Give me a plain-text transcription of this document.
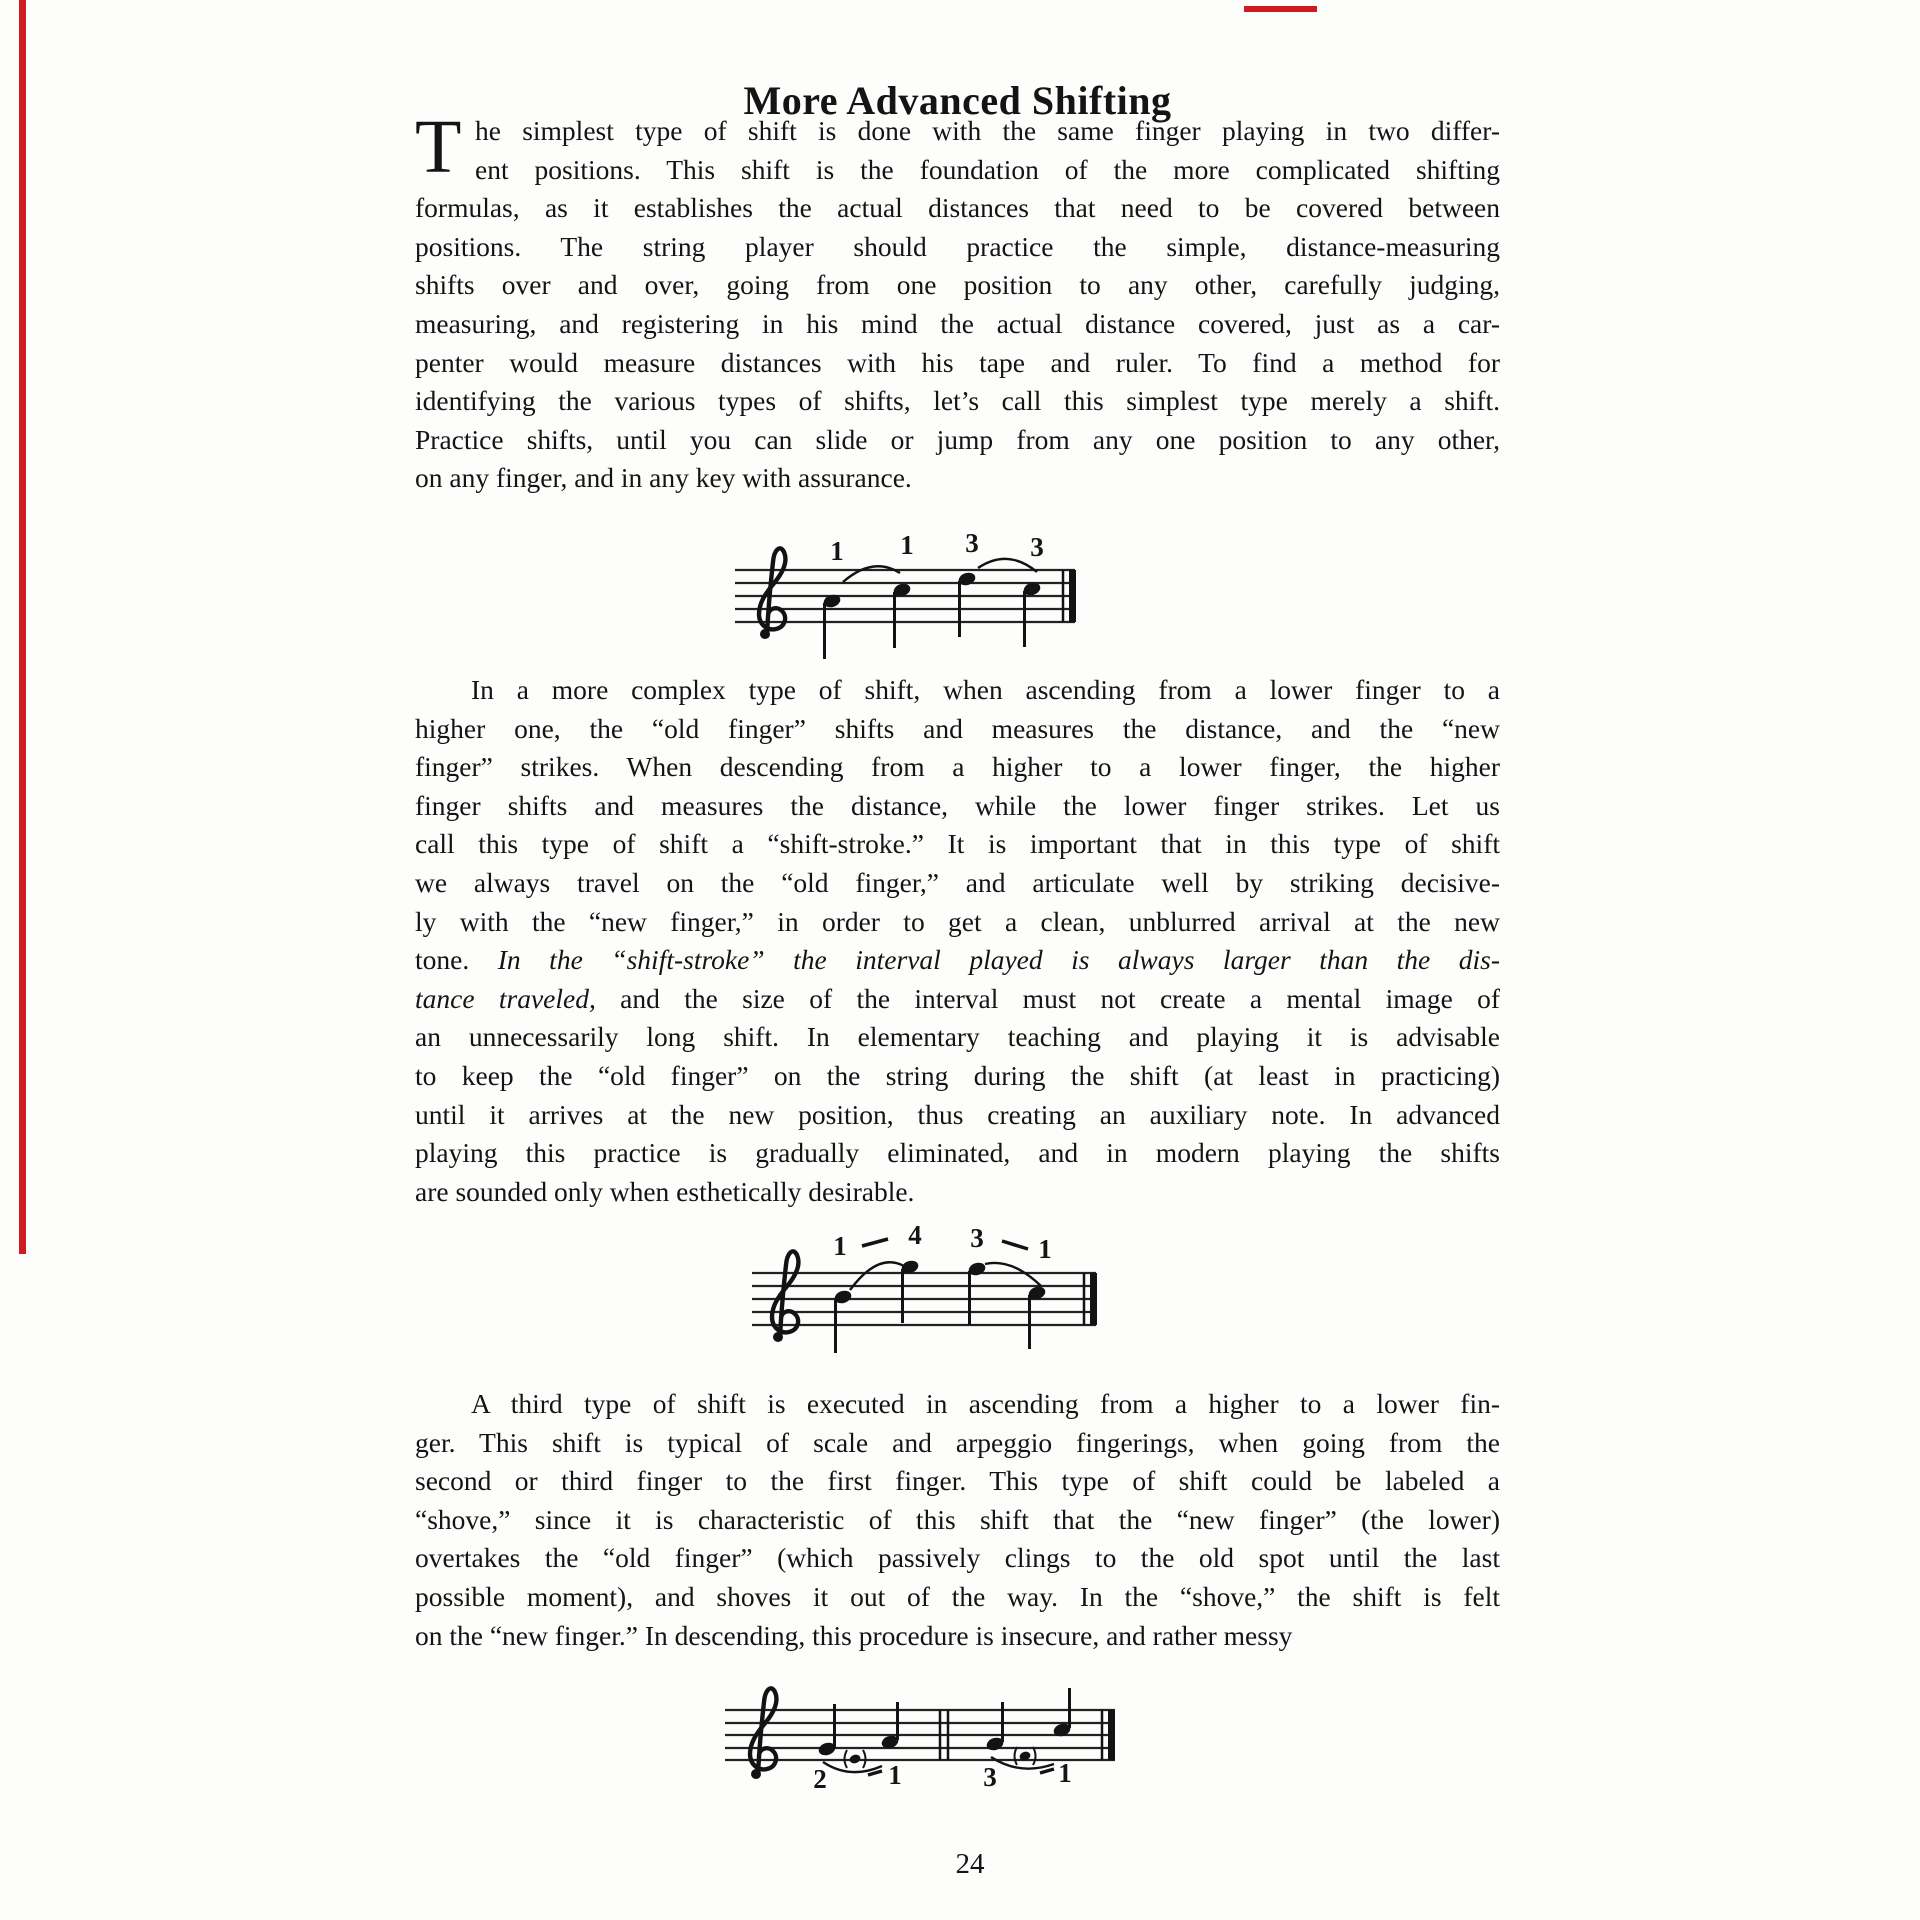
More Advanced Shifting
T he simplest type of shift is done with the same finger playing in two differ-
ent positions. This shift is the foundation of the more complicated shifting
formulas, as it establishes the actual distances that need to be covered between
positions. The string player should practice the simple, distance-measuring
shifts over and over, going from one position to any other, carefully judging,
measuring, and registering in his mind the actual distance covered, just as a car-
penter would measure distances with his tape and ruler. To find a method for
identifying the various types of shifts, let’s call this simplest type merely a shift.
Practice shifts, until you can slide or jump from any one position to any other,
on any finger, and in any key with assurance.
1 1 3 3
In a more complex type of shift, when ascending from a lower finger to a
higher one, the “old finger” shifts and measures the distance, and the “new
finger” strikes. When descending from a higher to a lower finger, the higher
finger shifts and measures the distance, while the lower finger strikes. Let us
call this type of shift a “shift-stroke.” It is important that in this type of shift
we always travel on the “old finger,” and articulate well by striking decisive-
ly with the “new finger,” in order to get a clean, unblurred arrival at the new
tone. In the “shift-stroke” the interval played is always larger than the dis-
tance traveled, and the size of the interval must not create a mental image of
an unnecessarily long shift. In elementary teaching and playing it is advisable
to keep the “old finger” on the string during the shift (at least in practicing)
until it arrives at the new position, thus creating an auxiliary note. In advanced
playing this practice is gradually eliminated, and in modern playing the shifts
are sounded only when esthetically desirable.
1 4 3 1
A third type of shift is executed in ascending from a higher to a lower fin-
ger. This shift is typical of scale and arpeggio fingerings, when going from the
second or third finger to the first finger. This type of shift could be labeled a
“shove,” since it is characteristic of this shift that the “new finger” (the lower)
overtakes the “old finger” (which passively clings to the old spot until the last
possible moment), and shoves it out of the way. In the “shove,” the shift is felt
on the “new finger.” In descending, this procedure is insecure, and rather messy
2 1	3 1
24
